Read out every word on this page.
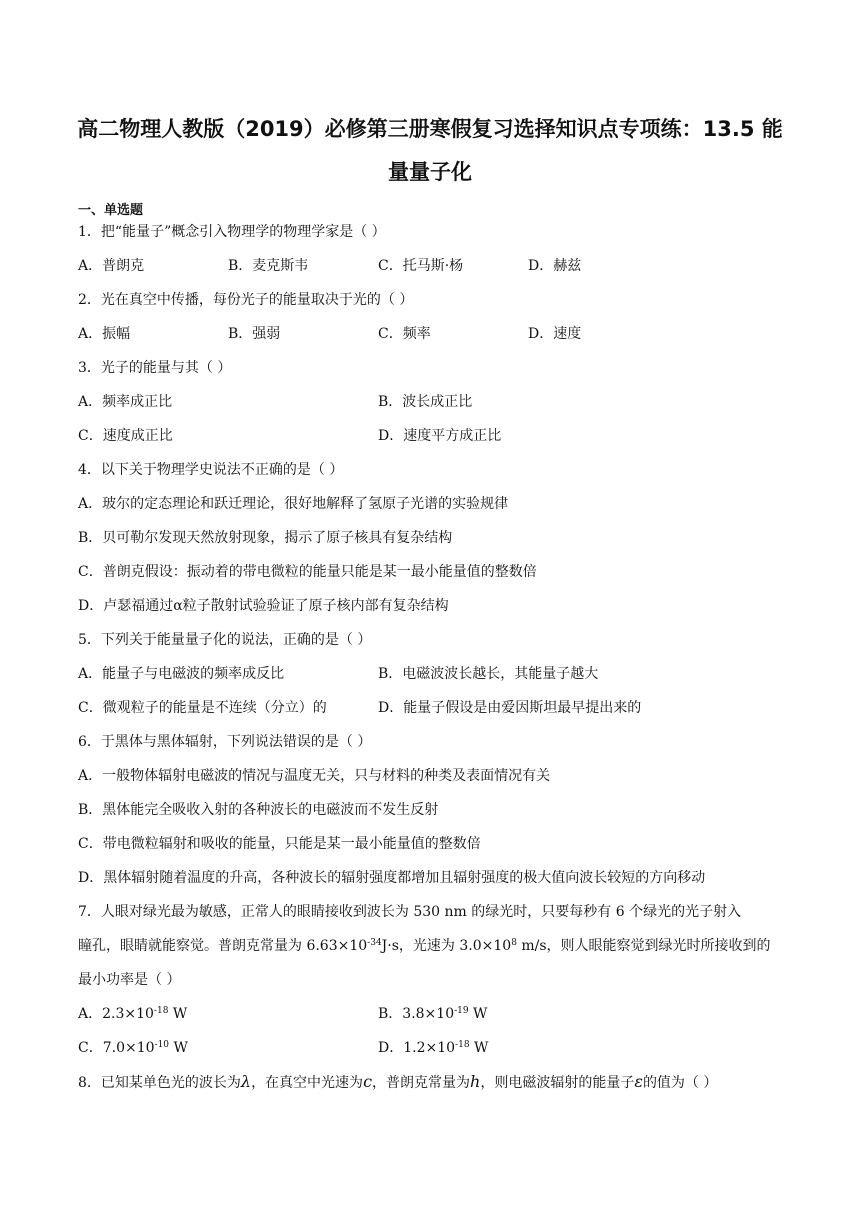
高二物理人教版（2019）必修第三册寒假复习选择知识点专项练：13.5 能
量量子化
一、单选题
1．把“能量子”概念引入物理学的物理学家是（ ）
A．普朗克	B．麦克斯韦	C．托马斯·杨	D．赫兹
2．光在真空中传播，每份光子的能量取决于光的（ ）
A．振幅	B．强弱	C．频率	D．速度
3．光子的能量与其（ ）
A．频率成正比	B．波长成正比
C．速度成正比	D．速度平方成正比
4．以下关于物理学史说法不正确的是（ ）
A．玻尔的定态理论和跃迁理论，很好地解释了氢原子光谱的实验规律
B．贝可勒尔发现天然放射现象，揭示了原子核具有复杂结构
C．普朗克假设：振动着的带电微粒的能量只能是某一最小能量值的整数倍
D．卢瑟福通过α粒子散射试验验证了原子核内部有复杂结构
5．下列关于能量量子化的说法，正确的是（ ）
A．能量子与电磁波的频率成反比	B．电磁波波长越长，其能量子越大
C．微观粒子的能量是不连续（分立）的	D．能量子假设是由爱因斯坦最早提出来的
6．于黑体与黑体辐射，下列说法错误的是（ ）
A．一般物体辐射电磁波的情况与温度无关，只与材料的种类及表面情况有关
B．黑体能完全吸收入射的各种波长的电磁波而不发生反射
C．带电微粒辐射和吸收的能量，只能是某一最小能量值的整数倍
D．黑体辐射随着温度的升高，各种波长的辐射强度都增加且辐射强度的极大值向波长较短的方向移动
7．人眼对绿光最为敏感，正常人的眼睛接收到波长为 530 nm 的绿光时，只要每秒有 6 个绿光的光子射入
瞳孔，眼睛就能察觉。普朗克常量为 $6.63\times 10^{-34}J\cdot s$，光速为 $3.0\times 10^8$ m/s，则人眼能察觉到绿光时所接收到的
最小功率是（ ）
A．$2.3\times 10^{-18}$ W	B．$3.8\times 10^{-19}$ W
C．$7.0\times 10^{-10}$ W	D．$1.2\times 10^{-18}$ W
8．已知某单色光的波长为λ，在真空中光速为c，普朗克常量为h，则电磁波辐射的能量子ε的值为（ ）
